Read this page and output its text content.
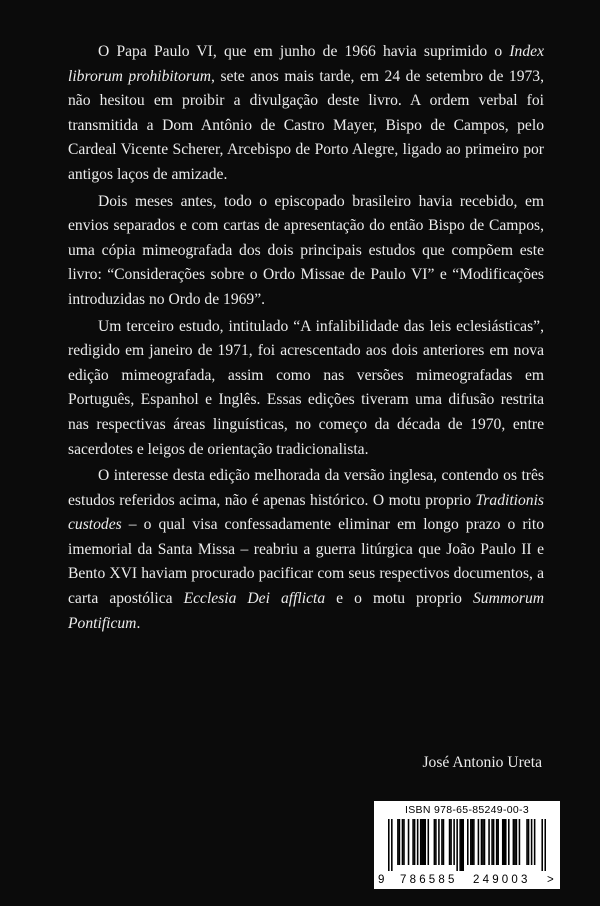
O Papa Paulo VI, que em junho de 1966 havia suprimido o Index librorum prohibitorum, sete anos mais tarde, em 24 de setembro de 1973, não hesitou em proibir a divulgação deste livro. A ordem verbal foi transmitida a Dom Antônio de Castro Mayer, Bispo de Campos, pelo Cardeal Vicente Scherer, Arcebispo de Porto Alegre, ligado ao primeiro por antigos laços de amizade.

Dois meses antes, todo o episcopado brasileiro havia recebido, em envios separados e com cartas de apresentação do então Bispo de Campos, uma cópia mimeografada dos dois principais estudos que compõem este livro: “Considerações sobre o Ordo Missae de Paulo VI” e “Modificações introduzidas no Ordo de 1969”.

Um terceiro estudo, intitulado “A infalibilidade das leis eclesiásticas”, redigido em janeiro de 1971, foi acrescentado aos dois anteriores em nova edição mimeografada, assim como nas versões mimeografadas em Português, Espanhol e Inglês. Essas edições tiveram uma difusão restrita nas respectivas áreas linguísticas, no começo da década de 1970, entre sacerdotes e leigos de orientação tradicionalista.

O interesse desta edição melhorada da versão inglesa, contendo os três estudos referidos acima, não é apenas histórico. O motu proprio Traditionis custodes – o qual visa confessadamente eliminar em longo prazo o rito imemorial da Santa Missa – reabriu a guerra litúrgica que João Paulo II e Bento XVI haviam procurado pacificar com seus respectivos documentos, a carta apostólica Ecclesia Dei afflicta e o motu proprio Summorum Pontificum.

José Antonio Ureta
ISBN 978-65-85249-00-3
9 786585 249003 >
